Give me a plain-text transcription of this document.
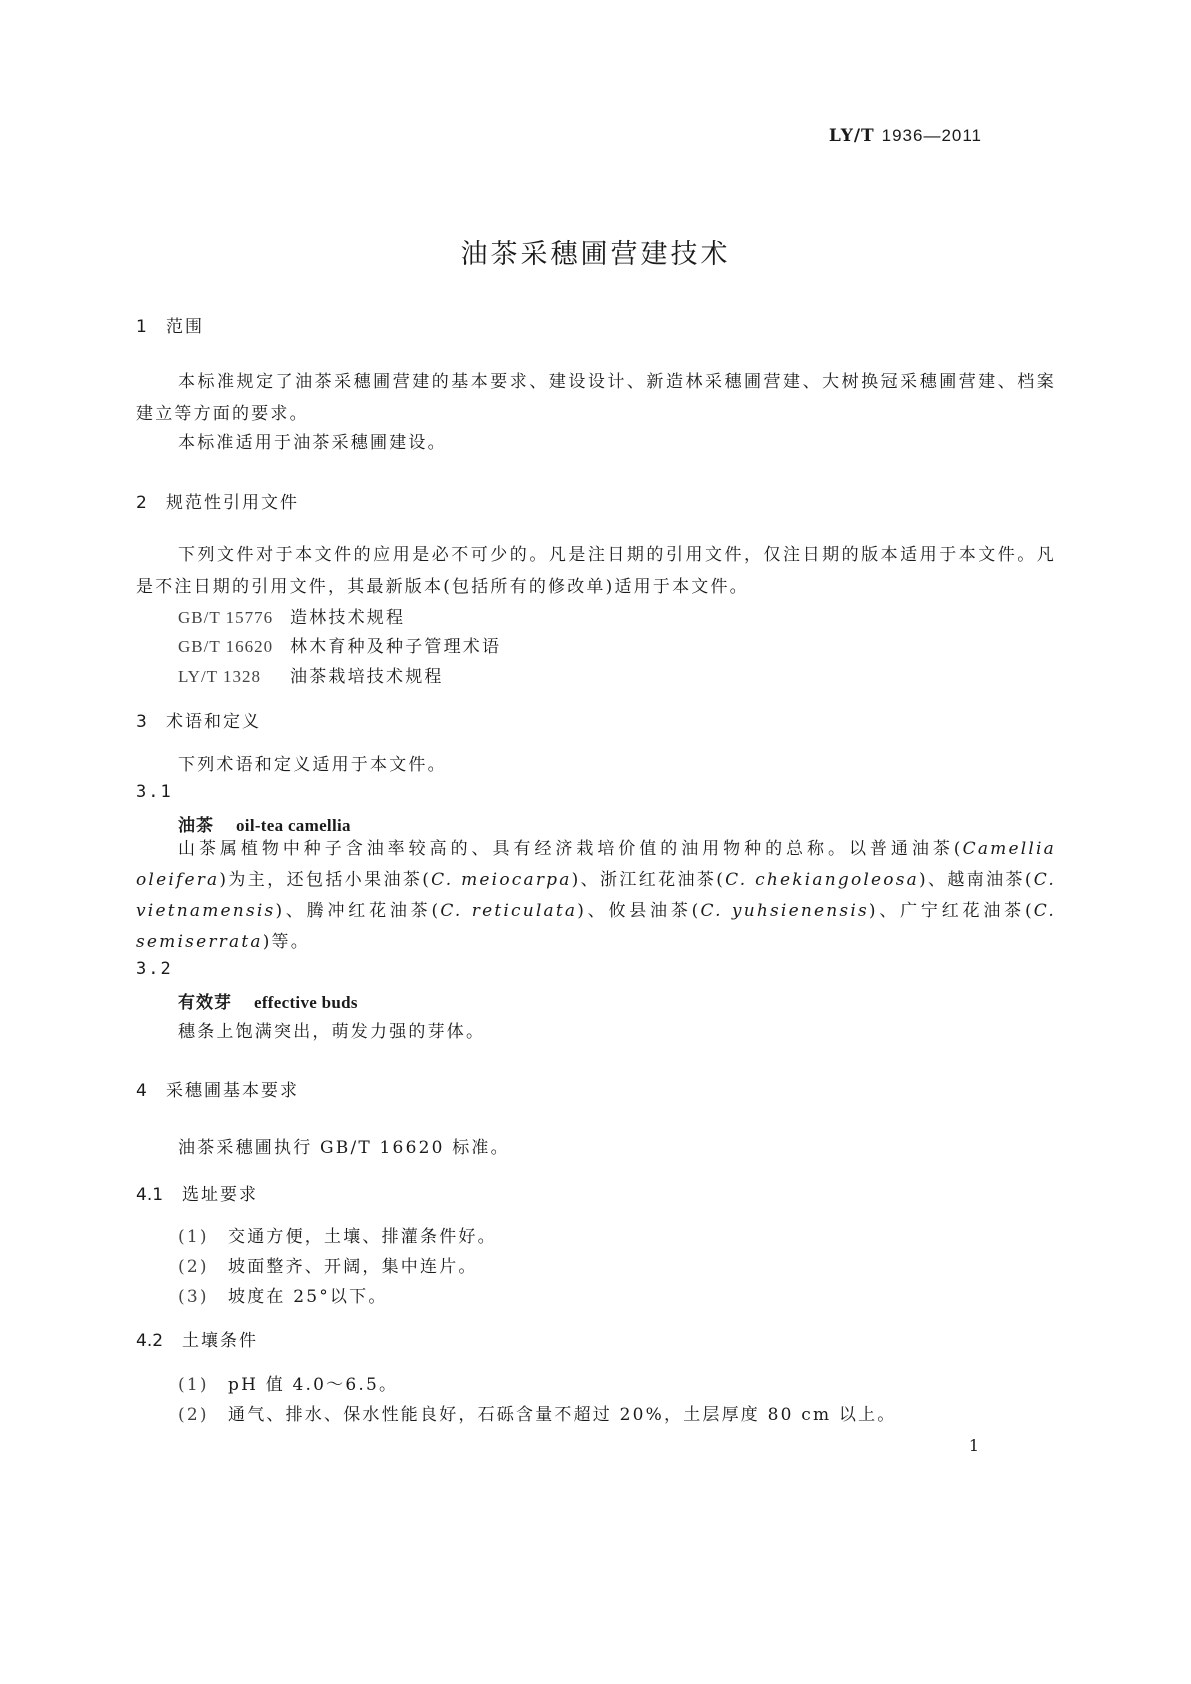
LY/T 1936—2011
油茶采穗圃营建技术
1 范围
本标准规定了油茶采穗圃营建的基本要求、建设设计、新造林采穗圃营建、大树换冠采穗圃营建、档案建立等方面的要求。
本标准适用于油茶采穗圃建设。
2 规范性引用文件
下列文件对于本文件的应用是必不可少的。凡是注日期的引用文件，仅注日期的版本适用于本文件。凡是不注日期的引用文件，其最新版本(包括所有的修改单)适用于本文件。
GB/T 15776 造林技术规程
GB/T 16620 林木育种及种子管理术语
LY/T 1328 油茶栽培技术规程
3 术语和定义
下列术语和定义适用于本文件。
3.1
油茶 oil-tea camellia
山茶属植物中种子含油率较高的、具有经济栽培价值的油用物种的总称。以普通油茶(Camellia oleifera)为主，还包括小果油茶(C. meiocarpa)、浙江红花油茶(C. chekiangoleosa)、越南油茶(C. vietnamensis)、腾冲红花油茶(C. reticulata)、攸县油茶(C. yuhsienensis)、广宁红花油茶(C. semiserrata)等。
3.2
有效芽 effective buds
穗条上饱满突出，萌发力强的芽体。
4 采穗圃基本要求
油茶采穗圃执行 GB/T 16620 标准。
4.1 选址要求
(1) 交通方便，土壤、排灌条件好。
(2) 坡面整齐、开阔，集中连片。
(3) 坡度在 25°以下。
4.2 土壤条件
(1) pH 值 4.0～6.5。
(2) 通气、排水、保水性能良好，石砾含量不超过 20%，土层厚度 80 cm 以上。
1
